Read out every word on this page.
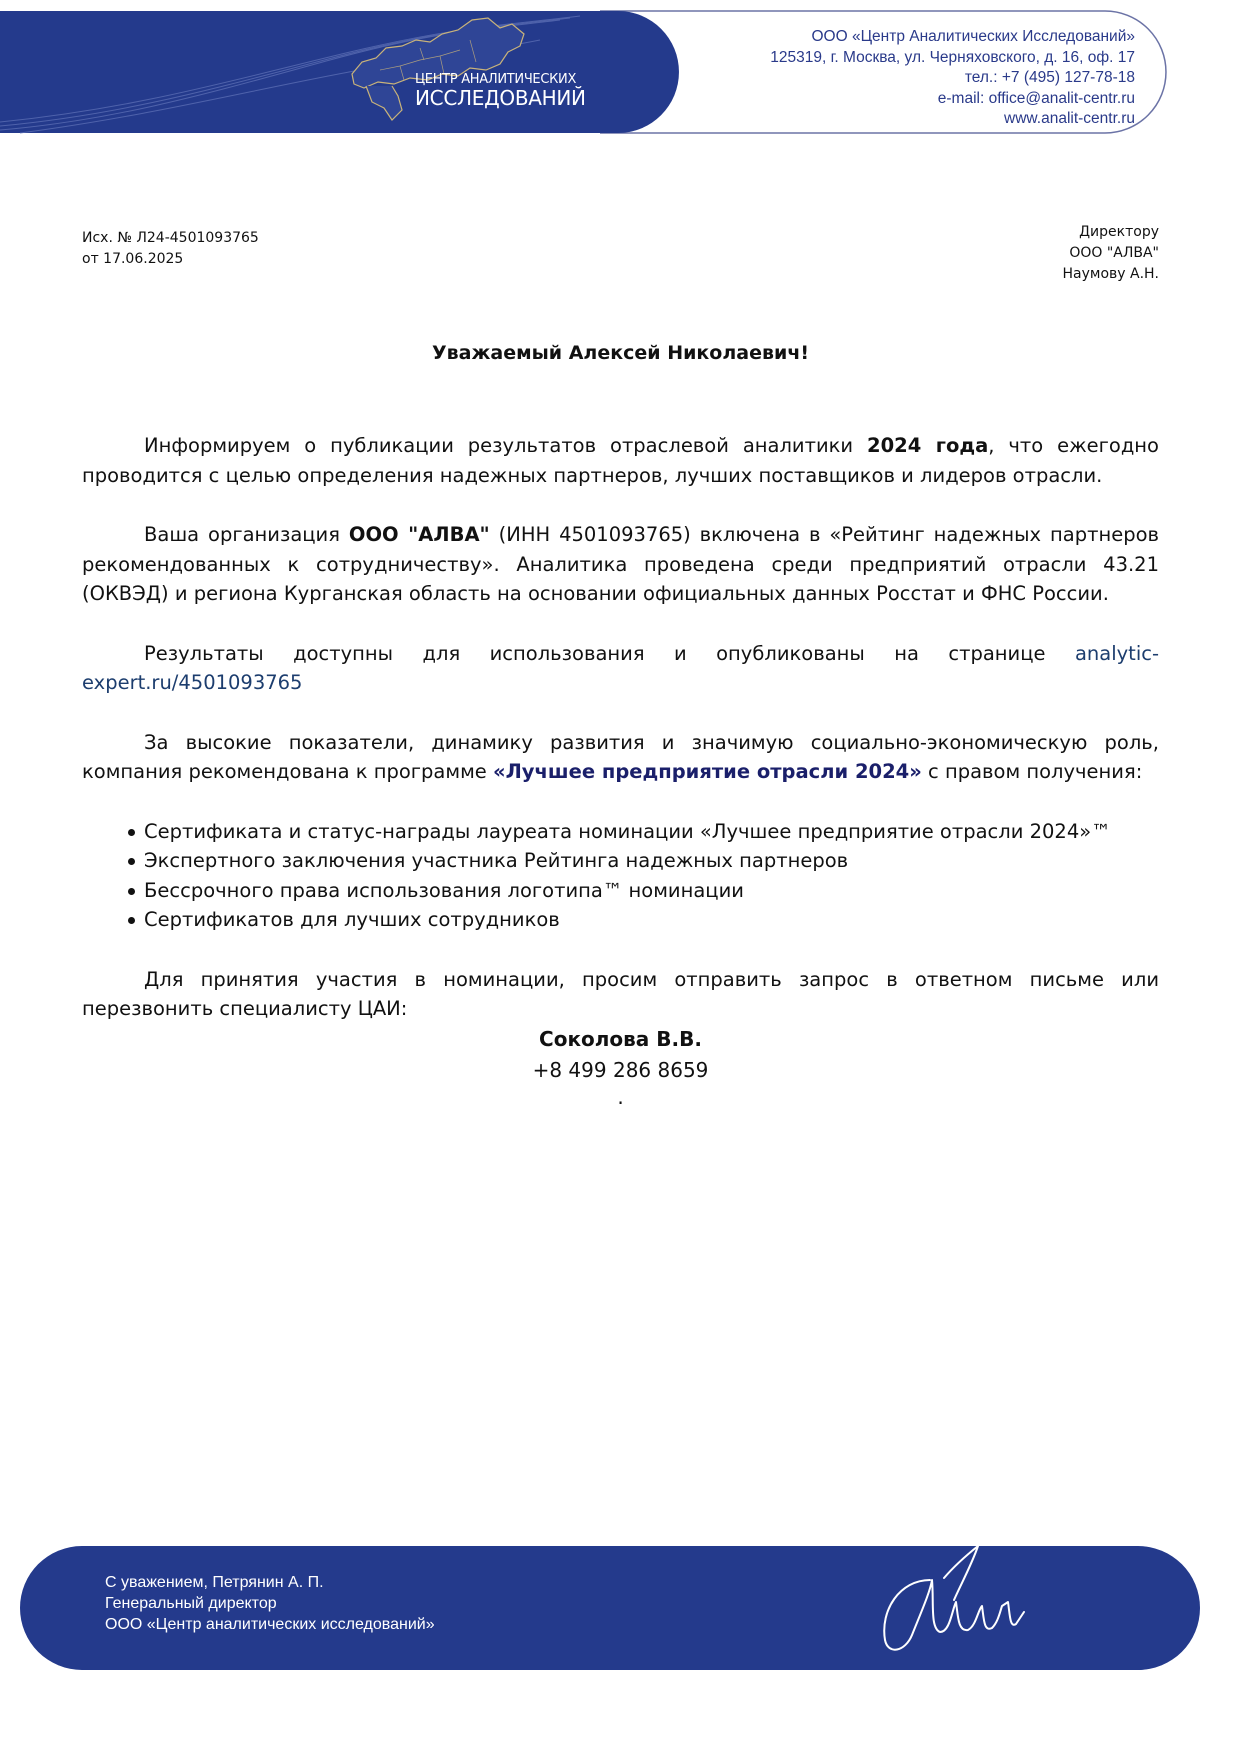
ЦЕНТР АНАЛИТИЧЕСКИХ
ИССЛЕДОВАНИЙ
ООО «Центр Аналитических Исследований»
125319, г. Москва, ул. Черняховского, д. 16, оф. 17
тел.: +7 (495) 127-78-18
e-mail: office@analit-centr.ru
www.analit-centr.ru
Исх. № Л24-4501093765
от 17.06.2025
Директору
ООО "АЛВА"
Наумову А.Н.
Уважаемый Алексей Николаевич!

Информируем о публикации результатов отраслевой аналитики 2024 года, что ежегодно проводится с целью определения надежных партнеров, лучших поставщиков и лидеров отрасли.

Ваша организация ООО "АЛВА" (ИНН 4501093765) включена в «Рейтинг надежных партнеров рекомендованных к сотрудничеству». Аналитика проведена среди предприятий отрасли 43.21 (ОКВЭД) и региона Курганская область на основании официальных данных Росстат и ФНС России.

Результаты доступны для использования и опубликованы на странице analytic-expert.ru/4501093765

За высокие показатели, динамику развития и значимую социально-экономическую роль, компания рекомендована к программе «Лучшее предприятие отрасли 2024» с правом получения:

Сертификата и статус-награды лауреата номинации «Лучшее предприятие отрасли 2024»™
Экспертного заключения участника Рейтинга надежных партнеров
Бессрочного права использования логотипа™ номинации
Сертификатов для лучших сотрудников

Для принятия участия в номинации, просим отправить запрос в ответном письме или перезвонить специалисту ЦАИ:

Соколова В.В.
+8 499 286 8659
.
С уважением, Петрянин А. П.
Генеральный директор
ООО «Центр аналитических исследований»
